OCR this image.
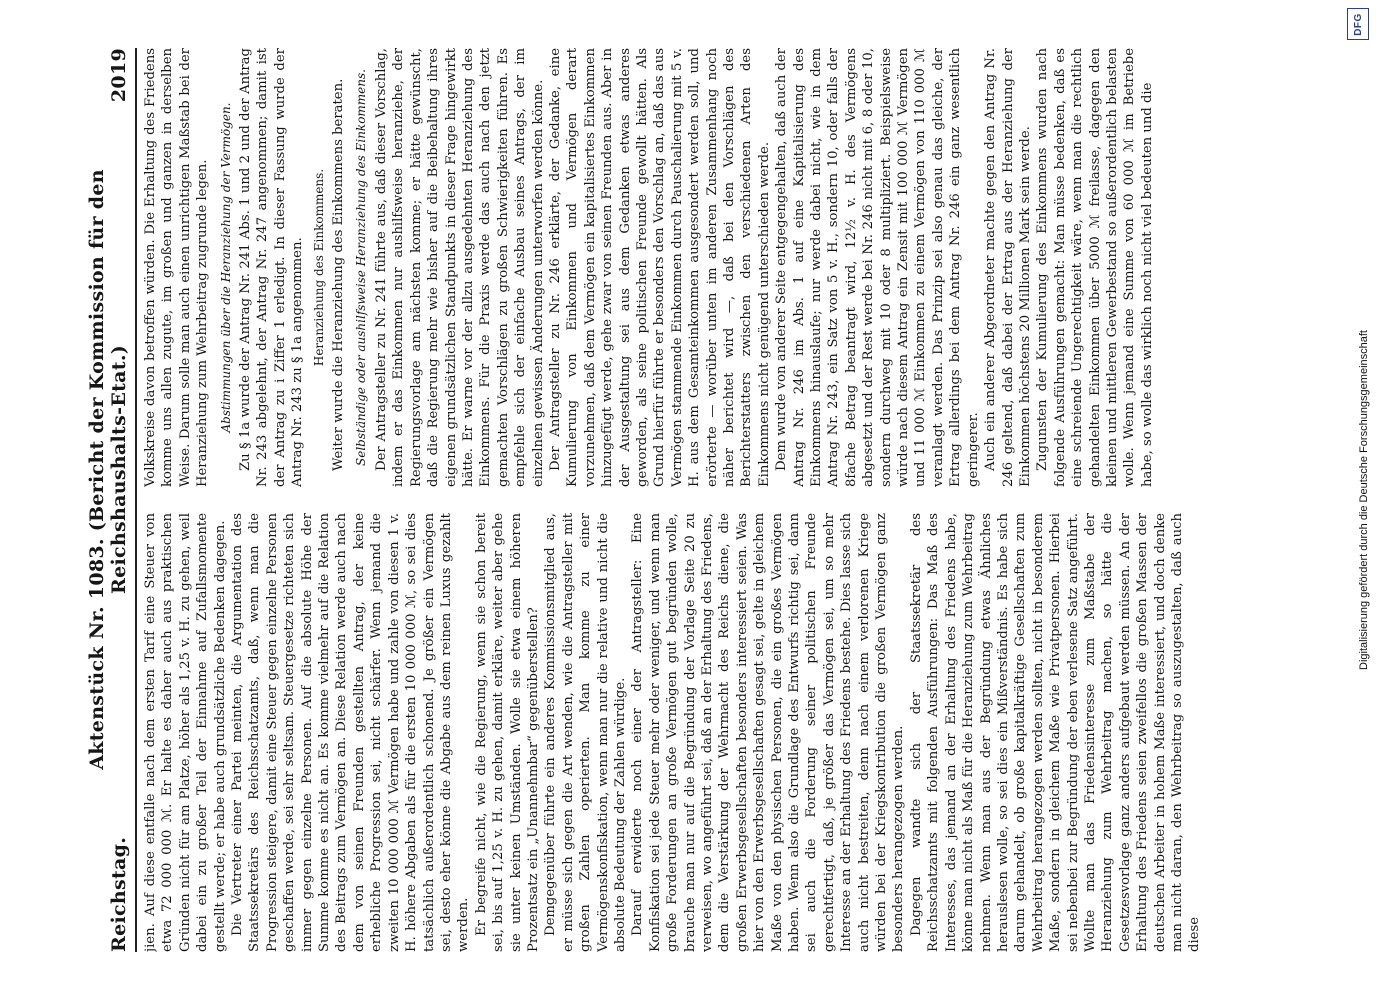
Reichstag.
Aktenstück Nr. 1083. (Bericht der Kommission für den Reichshaushalts-Etat.)
2019

jien. Auf diese entfalle nach dem ersten Tarif eine Steuer von etwa 72 000 000 ℳ. Er halte es daher auch aus praktischen Gründen nicht für am Platze, höher als 1,25 v. H. zu gehen, weil dabei ein zu großer Teil der Einnahme auf Zufallsmomente gestellt werde; er habe auch grundsätzliche Bedenken dagegen. Die Vertreter einer Partei meinten, die Argumentation des Staatssekretärs des Reichsschatzamts, daß, wenn man die Progression steigere, damit eine Steuer gegen einzelne Personen geschaffen werde, sei sehr seltsam. Steuergesetze richteten sich immer gegen einzelne Personen. Auf die absolute Höhe der Summe komme es nicht an. Es komme vielmehr auf die Relation des Beitrags zum Vermögen an. Diese Relation werde auch nach dem von seinen Freunden gestellten Antrag, der keine erhebliche Progression sei, nicht schärfer. Wenn jemand die zweiten 10 000 000 ℳ Vermögen habe und zahle von diesen 1 v. H. höhere Abgaben als für die ersten 10 000 000 ℳ, so sei dies tatsächlich außerordentlich schonend. Je größer ein Vermögen sei, desto eher könne die Abgabe aus dem reinen Luxus gezahlt werden. Er begreife nicht, wie die Regierung, wenn sie schon bereit sei, bis auf 1,25 v. H. zu gehen, damit erkläre, weiter aber gehe sie unter keinen Umständen. Wolle sie etwa einem höheren Prozentsatz ein „Unannehmbar“ gegenüberstellen? Demgegenüber führte ein anderes Kommissionsmitglied aus, er müsse sich gegen die Art wenden, wie die Antragsteller mit großen Zahlen operierten. Man komme zu einer Vermögenskonfiskation, wenn man nur die relative und nicht die absolute Bedeutung der Zahlen würdige. Darauf erwiderte noch einer der Antragsteller: Eine Konfiskation sei jede Steuer mehr oder weniger, und wenn man große Forderungen an große Vermögen gut begründen wolle, brauche man nur auf die Begründung der Vorlage Seite 20 zu verweisen, wo angeführt sei, daß an der Erhaltung des Friedens, dem die Verstärkung der Wehrmacht des Reichs diene, die großen Erwerbsgesellschaften besonders interessiert seien. Was hier von den Erwerbsgesellschaften gesagt sei, gelte in gleichem Maße von den physischen Personen, die ein großes Vermögen haben. Wenn also die Grundlage des Entwurfs richtig sei, dann sei auch die Forderung seiner politischen Freunde gerechtfertigt, daß, je größer das Vermögen sei, um so mehr Interesse an der Erhaltung des Friedens bestehe. Dies lasse sich auch nicht bestreiten, denn nach einem verlorenen Kriege würden bei der Kriegskontribution die großen Vermögen ganz besonders herangezogen werden. Dagegen wandte sich der Staatssekretär des Reichsschatzamts mit folgenden Ausführungen: Das Maß des Interesses, das jemand an der Erhaltung des Friedens habe, könne man nicht als Maß für die Heranziehung zum Wehrbeitrag nehmen. Wenn man aus der Begründung etwas Ähnliches herauslesen wolle, so sei dies ein Mißverständnis. Es habe sich darum gehandelt, ob große kapitalkräftige Gesellschaften zum Wehrbeitrag herangezogen werden sollten, nicht in besonderem Maße, sondern in gleichem Maße wie Privatpersonen. Hierbei sei nebenbei zur Begründung der eben verlesene Satz angeführt. Wollte man das Friedensinteresse zum Maßstabe der Heranziehung zum Wehrbeitrag machen, so hätte die Gesetzesvorlage ganz anders aufgebaut werden müssen. An der Erhaltung des Friedens seien zweifellos die großen Massen der deutschen Arbeiter in hohem Maße interessiert, und doch denke man nicht daran, den Wehrbeitrag so auszugestalten, daß auch diese

Volkskreise davon betroffen würden. Die Erhaltung des Friedens komme uns allen zugute, im großen und ganzen in derselben Weise. Darum solle man auch einen unrichtigen Maßstab bei der Heranziehung zum Wehrbeitrag zugrunde legen. Abstimmungen über die Heranziehung der Vermögen. Zu § 1a wurde der Antrag Nr. 241 Abs. 1 und 2 und der Antrag Nr. 243 abgelehnt, der Antrag Nr. 247 angenommen; damit ist der Antrag zu i Ziffer 1 erledigt. In dieser Fassung wurde der Antrag Nr. 243 zu § 1a angenommen. Heranziehung des Einkommens. Weiter wurde die Heranziehung des Einkommens beraten. Selbständige oder aushilfsweise Heranziehung des Einkommens. Der Antragsteller zu Nr. 241 führte aus, daß dieser Vorschlag, indem er das Einkommen nur aushilfsweise heranziehe, der Regierungsvorlage am nächsten komme; er hätte gewünscht, daß die Regierung mehr wie bisher auf die Beibehaltung ihres eigenen grundsätzlichen Standpunkts in dieser Frage hingewirkt hätte. Er warne vor der allzu ausgedehnten Heranziehung des Einkommens. Für die Praxis werde das auch nach den jetzt gemachten Vorschlägen zu großen Schwierigkeiten führen. Es empfehle sich der einfache Ausbau seines Antrags, der im einzelnen gewissen Änderungen unterworfen werden könne. Der Antragsteller zu Nr. 246 erklärte, der Gedanke, eine Kumulierung von Einkommen und Vermögen derart vorzunehmen, daß dem Vermögen ein kapitalisiertes Einkommen hinzugefügt werde, gehe zwar von seinen Freunden aus. Aber in der Ausgestaltung sei aus dem Gedanken etwas anderes geworden, als seine politischen Freunde gewollt hätten. Als Grund hierfür führte er besonders den Vorschlag an, daß das aus Vermögen stammende Einkommen durch Pauschalierung mit 5 v. H. aus dem Gesamteinkommen ausgesondert werden soll, und erörterte — worüber unten im anderen Zusammenhang noch näher berichtet wird —, daß bei den Vorschlägen des Berichterstatters zwischen den verschiedenen Arten des Einkommens nicht genügend unterschieden werde. Dem wurde von anderer Seite entgegengehalten, daß auch der Antrag Nr. 246 im Abs. 1 auf eine Kapitalisierung des Einkommens hinauslaufe; nur werde dabei nicht, wie in dem Antrag Nr. 243, ein Satz von 5 v. H., sondern 10, oder falls der 8fache Betrag beantragt wird, 12½ v. H. des Vermögens abgesetzt und der Rest werde bei Nr. 246 nicht mit 6, 8 oder 10, sondern durchweg mit 10 oder 8 multipliziert. Beispielsweise würde nach diesem Antrag ein Zensit mit 100 000 ℳ Vermögen und 11 000 ℳ Einkommen zu einem Vermögen von 110 000 ℳ veranlagt werden. Das Prinzip sei also genau das gleiche, der Ertrag allerdings bei dem Antrag Nr. 246 ein ganz wesentlich geringerer. Auch ein anderer Abgeordneter machte gegen den Antrag Nr. 246 geltend, daß dabei der Ertrag aus der Heranziehung der Einkommen höchstens 20 Millionen Mark sein werde. Zugunsten der Kumulierung des Einkommens wurden nach folgende Ausführungen gemacht: Man müsse bedenken, daß es eine schreiende Ungerechtigkeit wäre, wenn man die rechtlich gehandelten Einkommen über 5000 ℳ freilasse, dagegen den kleinen und mittleren Gewerbestand so außerordentlich belasten wolle. Wenn jemand eine Summe von 60 000 ℳ im Betriebe habe, so wolle das wirklich noch nicht viel bedeuten und die

DFG
Digitalisierung gefördert durch die Deutsche Forschungsgemeinschaft
